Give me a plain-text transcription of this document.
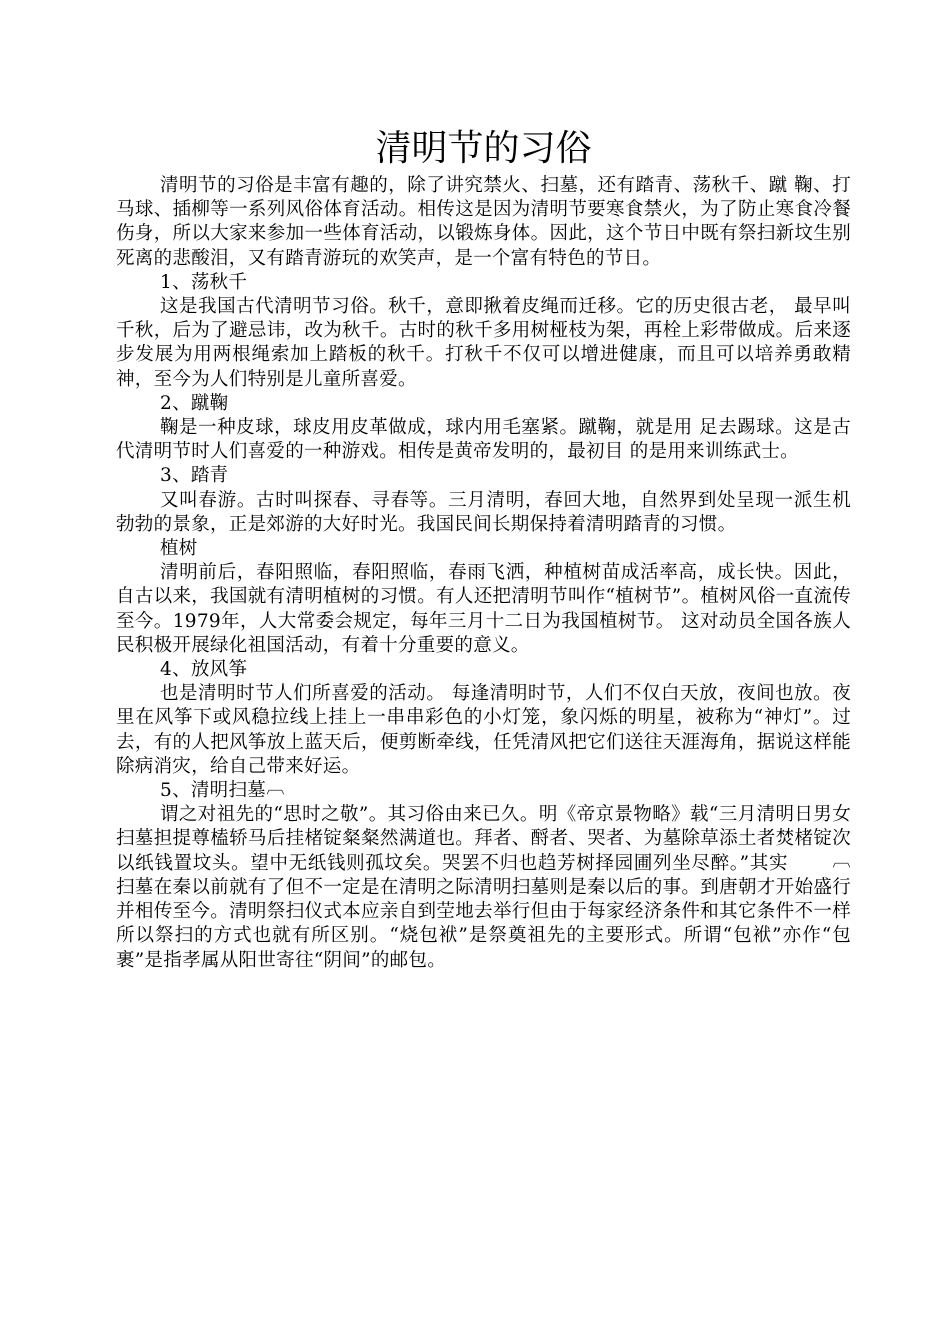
清明节的习俗

清明节的习俗是丰富有趣的，除了讲究禁火、扫墓，还有踏青、荡秋千、蹴 鞠、打马球、插柳等一系列风俗体育活动。相传这是因为清明节要寒食禁火，为了防止寒食冷餐伤身，所以大家来参加一些体育活动，以锻炼身体。因此，这个节日中既有祭扫新坟生别死离的悲酸泪，又有踏青游玩的欢笑声，是一个富有特色的节日。

1、荡秋千

这是我国古代清明节习俗。秋千，意即揪着皮绳而迁移。它的历史很古老， 最早叫千秋，后为了避忌讳，改为秋千。古时的秋千多用树桠枝为架，再栓上彩带做成。后来逐步发展为用两根绳索加上踏板的秋千。打秋千不仅可以增进健康，而且可以培养勇敢精神，至今为人们特别是儿童所喜爱。

2、蹴鞠

鞠是一种皮球，球皮用皮革做成，球内用毛塞紧。蹴鞠，就是用 足去踢球。这是古代清明节时人们喜爱的一种游戏。相传是黄帝发明的，最初目 的是用来训练武士。

3、踏青

又叫春游。古时叫探春、寻春等。三月清明，春回大地，自然界到处呈现一派生机勃勃的景象，正是郊游的大好时光。我国民间长期保持着清明踏青的习惯。

植树

清明前后，春阳照临，春阳照临，春雨飞洒，种植树苗成活率高，成长快。因此，自古以来，我国就有清明植树的习惯。有人还把清明节叫作“植树节”。植树风俗一直流传至今。1979年，人大常委会规定，每年三月十二日为我国植树节。 这对动员全国各族人民积极开展绿化祖国活动，有着十分重要的意义。

4、放风筝

也是清明时节人们所喜爱的活动。 每逢清明时节，人们不仅白天放，夜间也放。夜里在风筝下或风稳拉线上挂上一串串彩色的小灯笼，象闪烁的明星，被称为“神灯”。过去，有的人把风筝放上蓝天后，便剪断牵线，任凭清风把它们送往天涯海角，据说这样能除病消灾，给自己带来好运。

5、清明扫墓︹

谓之对祖先的“思时之敬”。其习俗由来已久。明《帝京景物略》载“三月清明日男女扫墓担提尊榼轿马后挂楮锭粲粲然满道也。拜者、酹者、哭者、为墓除草添土者焚楮锭次以纸钱置坟头。望中无纸钱则孤坟矣。哭罢不归也趋芳树择园圃列坐尽醉。”其实 ︹扫墓在秦以前就有了但不一定是在清明之际清明扫墓则是秦以后的事。到唐朝才开始盛行并相传至今。清明祭扫仪式本应亲自到茔地去举行但由于每家经济条件和其它条件不一样所以祭扫的方式也就有所区别。“烧包袱”是祭奠祖先的主要形式。所谓“包袱”亦作“包裹”是指孝属从阳世寄往“阴间”的邮包。
